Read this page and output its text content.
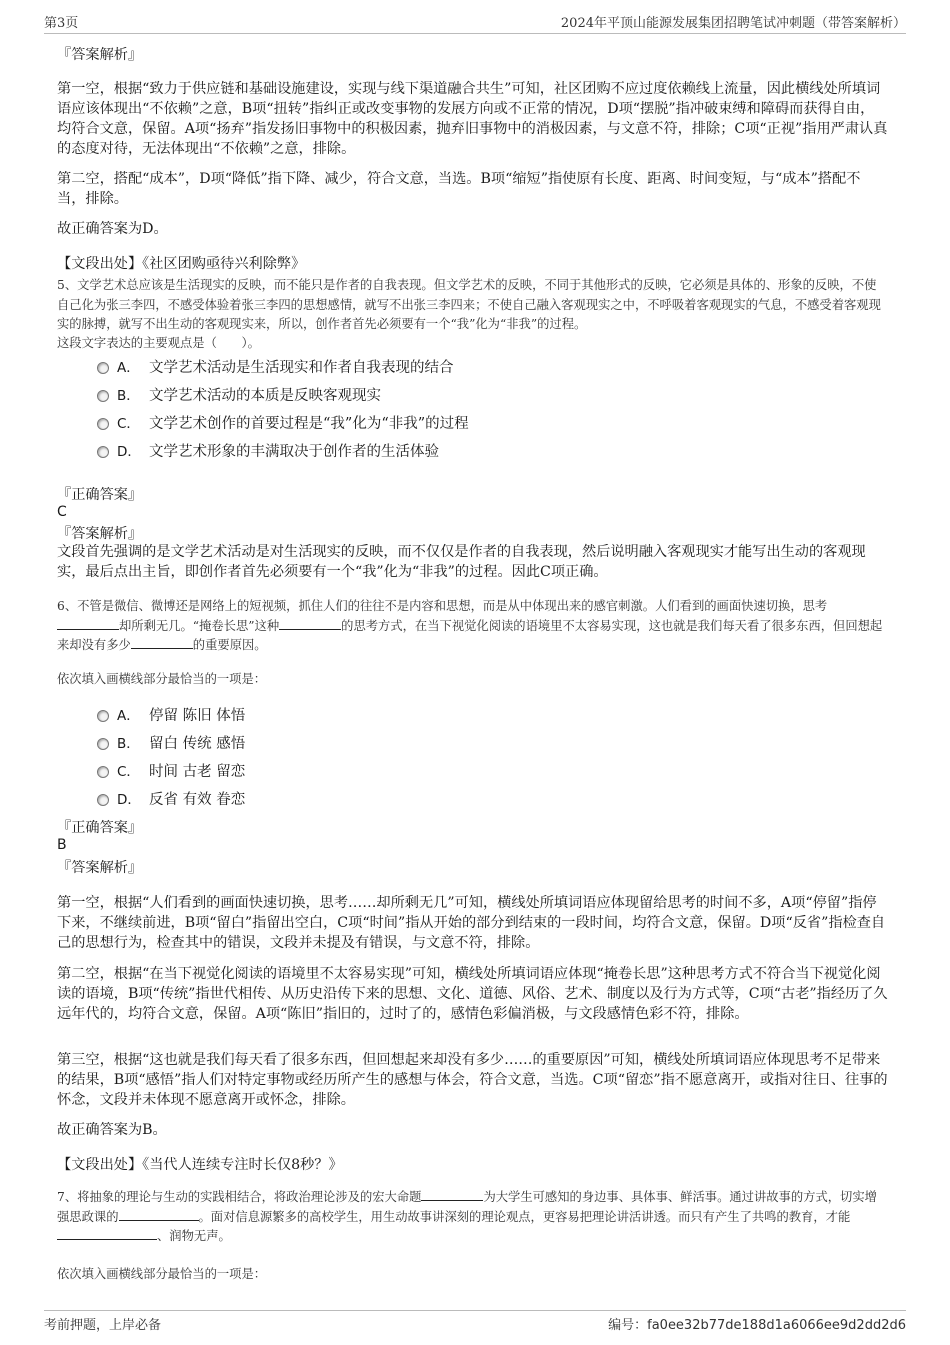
第3页	2024年平顶山能源发展集团招聘笔试冲刺题（带答案解析）
『答案解析』
第一空，根据“致力于供应链和基础设施建设，实现与线下渠道融合共生”可知，社区团购不应过度依赖线上流量，因此横线处所填词语应该体现出“不依赖”之意，B项“扭转”指纠正或改变事物的发展方向或不正常的情况，D项“摆脱”指冲破束缚和障碍而获得自由，均符合文意，保留。A项“扬弃”指发扬旧事物中的积极因素，抛弃旧事物中的消极因素，与文意不符，排除；C项“正视”指用严肃认真的态度对待，无法体现出“不依赖”之意，排除。
第二空，搭配“成本”，D项“降低”指下降、减少，符合文意，当选。B项“缩短”指使原有长度、距离、时间变短，与“成本”搭配不当，排除。
故正确答案为D。
【文段出处】《社区团购亟待兴利除弊》
5、文学艺术总应该是生活现实的反映，而不能只是作者的自我表现。但文学艺术的反映，不同于其他形式的反映，它必须是具体的、形象的反映，不使自己化为张三李四，不感受体验着张三李四的思想感情，就写不出张三李四来；不使自己融入客观现实之中，不呼吸着客观现实的气息，不感受着客观现实的脉搏，就写不出生动的客观现实来，所以，创作者首先必须要有一个“我”化为“非我”的过程。
这段文字表达的主要观点是（　　）。
A． 文学艺术活动是生活现实和作者自我表现的结合
B． 文学艺术活动的本质是反映客观现实
C． 文学艺术创作的首要过程是“我”化为“非我”的过程
D． 文学艺术形象的丰满取决于创作者的生活体验
『正确答案』
C
『答案解析』
文段首先强调的是文学艺术活动是对生活现实的反映，而不仅仅是作者的自我表现，然后说明融入客观现实才能写出生动的客观现实，最后点出主旨，即创作者首先必须要有一个“我”化为“非我”的过程。因此C项正确。
6、不管是微信、微博还是网络上的短视频，抓住人们的往往不是内容和思想，而是从中体现出来的感官刺激。人们看到的画面快速切换，思考却所剩无几。“掩卷长思”这种	的思考方式，在当下视觉化阅读的语境里不太容易实现，这也就是我们每天看了很多东西，但回想起来却没有多少	的重要原因。
依次填入画横线部分最恰当的一项是：
A． 停留 陈旧 体悟
B． 留白 传统 感悟
C． 时间 古老 留恋
D． 反省 有效 眷恋
『正确答案』
B
『答案解析』
第一空，根据“人们看到的画面快速切换，思考……却所剩无几”可知，横线处所填词语应体现留给思考的时间不多，A项“停留”指停下来，不继续前进，B项“留白”指留出空白，C项“时间”指从开始的部分到结束的一段时间，均符合文意，保留。D项“反省”指检查自己的思想行为，检查其中的错误，文段并未提及有错误，与文意不符，排除。
第二空，根据“在当下视觉化阅读的语境里不太容易实现”可知，横线处所填词语应体现“掩卷长思”这种思考方式不符合当下视觉化阅读的语境，B项“传统”指世代相传、从历史沿传下来的思想、文化、道德、风俗、艺术、制度以及行为方式等，C项“古老”指经历了久远年代的，均符合文意，保留。A项“陈旧”指旧的，过时了的，感情色彩偏消极，与文段感情色彩不符，排除。
第三空，根据“这也就是我们每天看了很多东西，但回想起来却没有多少……的重要原因”可知，横线处所填词语应体现思考不足带来的结果，B项“感悟”指人们对特定事物或经历所产生的感想与体会，符合文意，当选。C项“留恋”指不愿意离开，或指对往日、往事的怀念，文段并未体现不愿意离开或怀念，排除。
故正确答案为B。
【文段出处】《当代人连续专注时长仅8秒？》
7、将抽象的理论与生动的实践相结合，将政治理论涉及的宏大命题	为大学生可感知的身边事、具体事、鲜活事。通过讲故事的方式，切实增强思政课的	。面对信息源繁多的高校学生，用生动故事讲深刻的理论观点，更容易把理论讲活讲透。而只有产生了共鸣的教育，才能、润物无声。
依次填入画横线部分最恰当的一项是：
考前押题，上岸必备	编号：fa0ee32b77de188d1a6066ee9d2dd2d6
